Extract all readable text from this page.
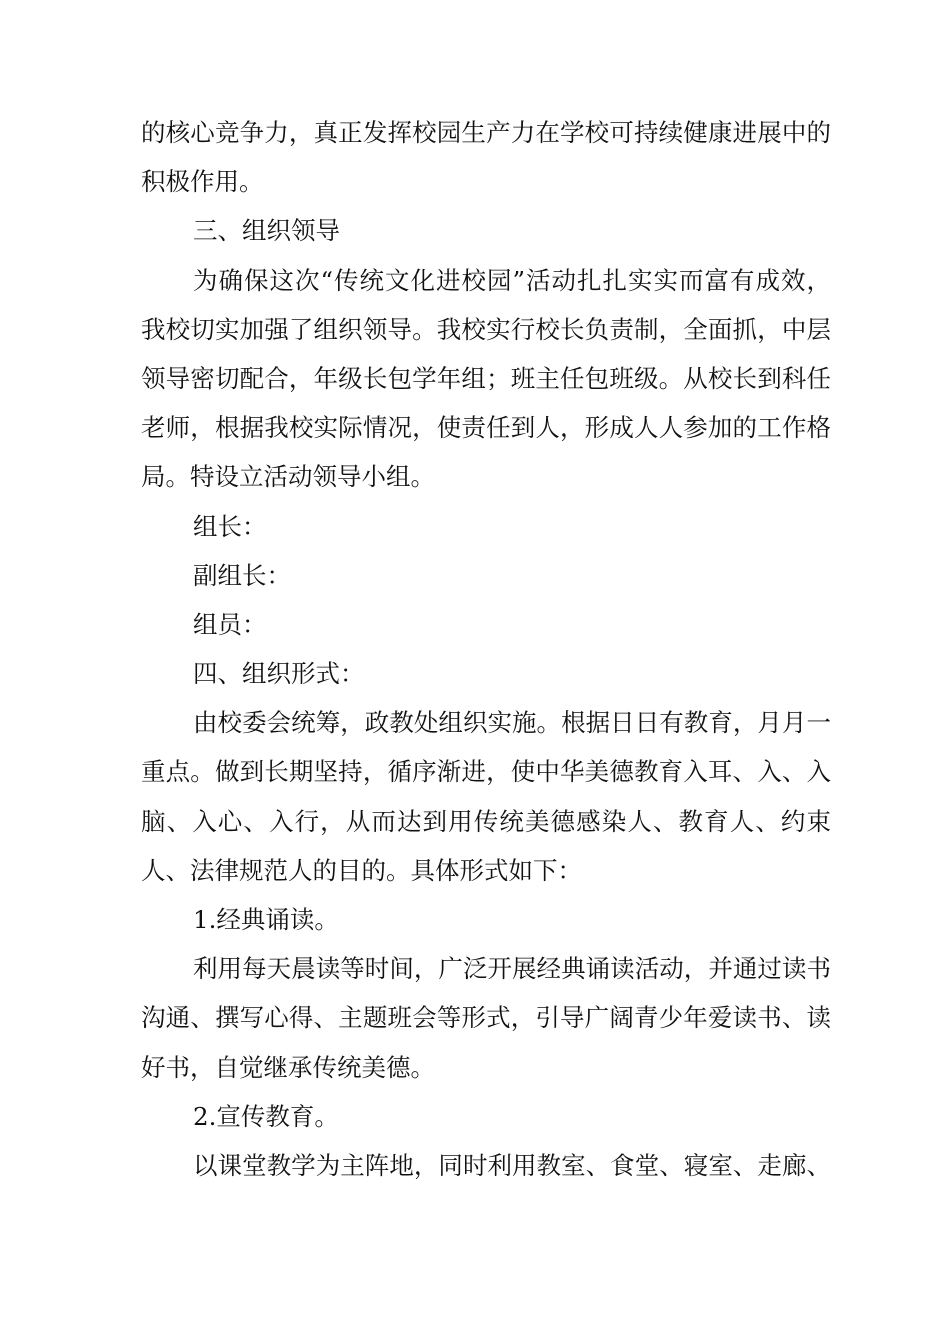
的核心竞争力，真正发挥校园生产力在学校可持续健康进展中的
积极作用。
三、组织领导
为确保这次“传统文化进校园”活动扎扎实实而富有成效，
我校切实加强了组织领导。我校实行校长负责制，全面抓，中层
领导密切配合，年级长包学年组；班主任包班级。从校长到科任
老师，根据我校实际情况，使责任到人，形成人人参加的工作格
局。特设立活动领导小组。
组长：
副组长：
组员：
四、组织形式：
由校委会统筹，政教处组织实施。根据日日有教育，月月一
重点。做到长期坚持，循序渐进，使中华美德教育入耳、入、入
脑、入心、入行，从而达到用传统美德感染人、教育人、约束
人、法律规范人的目的。具体形式如下：
1.经典诵读。
利用每天晨读等时间，广泛开展经典诵读活动，并通过读书
沟通、撰写心得、主题班会等形式，引导广阔青少年爱读书、读
好书，自觉继承传统美德。
2.宣传教育。
以课堂教学为主阵地，同时利用教室、食堂、寝室、走廊、
